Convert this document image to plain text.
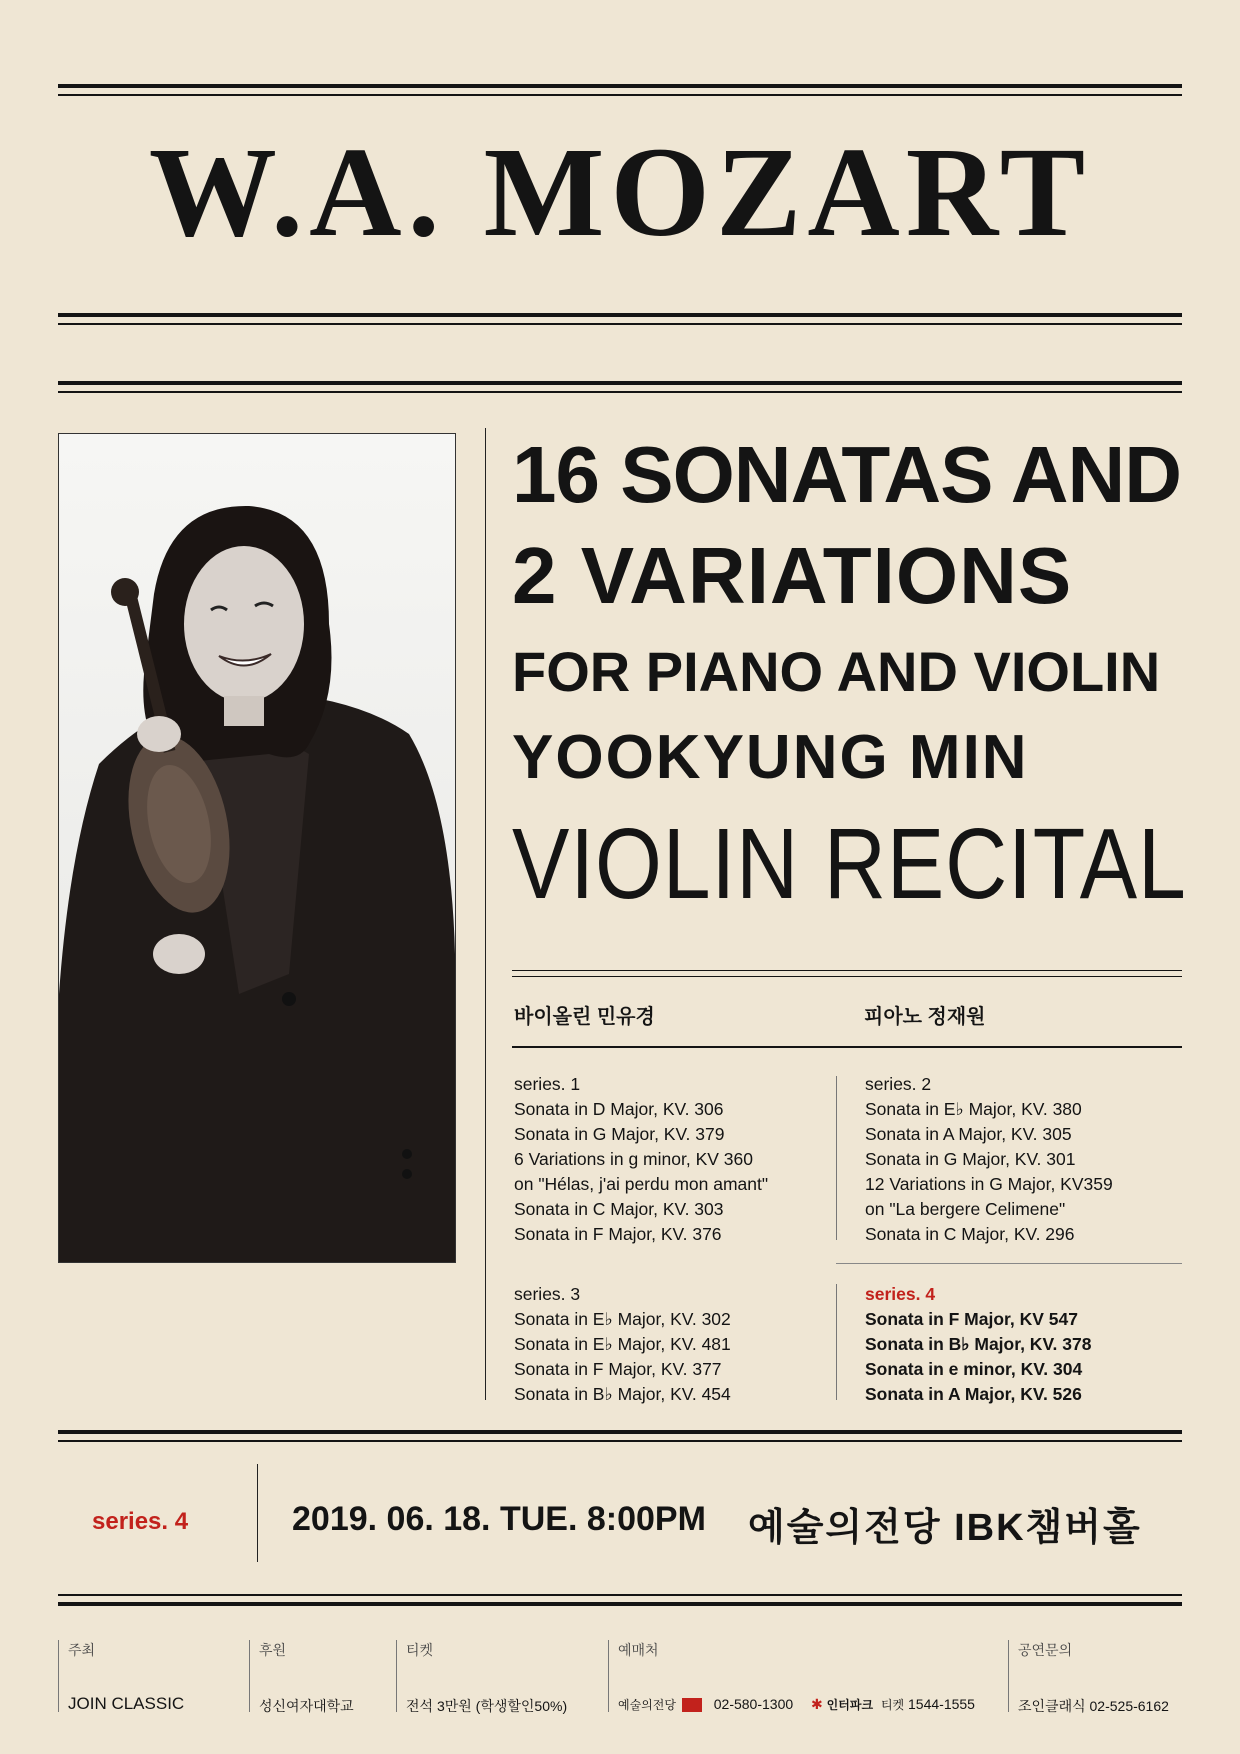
W.A. MOZART
16 SONATAS AND
2 VARIATIONS
FOR PIANO AND VIOLIN
YOOKYUNG MIN
VIOLIN RECITAL
바이올린 민유경	피아노 정재원
series. 1
Sonata in D Major, KV. 306
Sonata in G Major, KV. 379
6 Variations in g minor, KV 360
on "Hélas, j'ai perdu mon amant"
Sonata in C Major, KV. 303
Sonata in F Major, KV. 376
series. 2
Sonata in E♭ Major, KV. 380
Sonata in A Major, KV. 305
Sonata in G Major, KV. 301
12 Variations in G Major, KV359
on "La bergere Celimene"
Sonata in C Major, KV. 296
series. 3
Sonata in E♭ Major, KV. 302
Sonata in E♭ Major, KV. 481
Sonata in F Major, KV. 377
Sonata in B♭ Major, KV. 454
series. 4
Sonata in F Major, KV 547
Sonata in B♭ Major, KV. 378
Sonata in e minor, KV. 304
Sonata in A Major, KV. 526
series. 4	2019. 06. 18. TUE. 8:00PM 예술의전당 IBK챔버홀
주최
JOIN CLASSIC
후원
성신여자대학교
티켓
전석 3만원 (학생할인50%)
예매처
예술의전당	02-580-1300 ✱ 인터파크 티켓 1544-1555
공연문의
조인클래식 02-525-6162
